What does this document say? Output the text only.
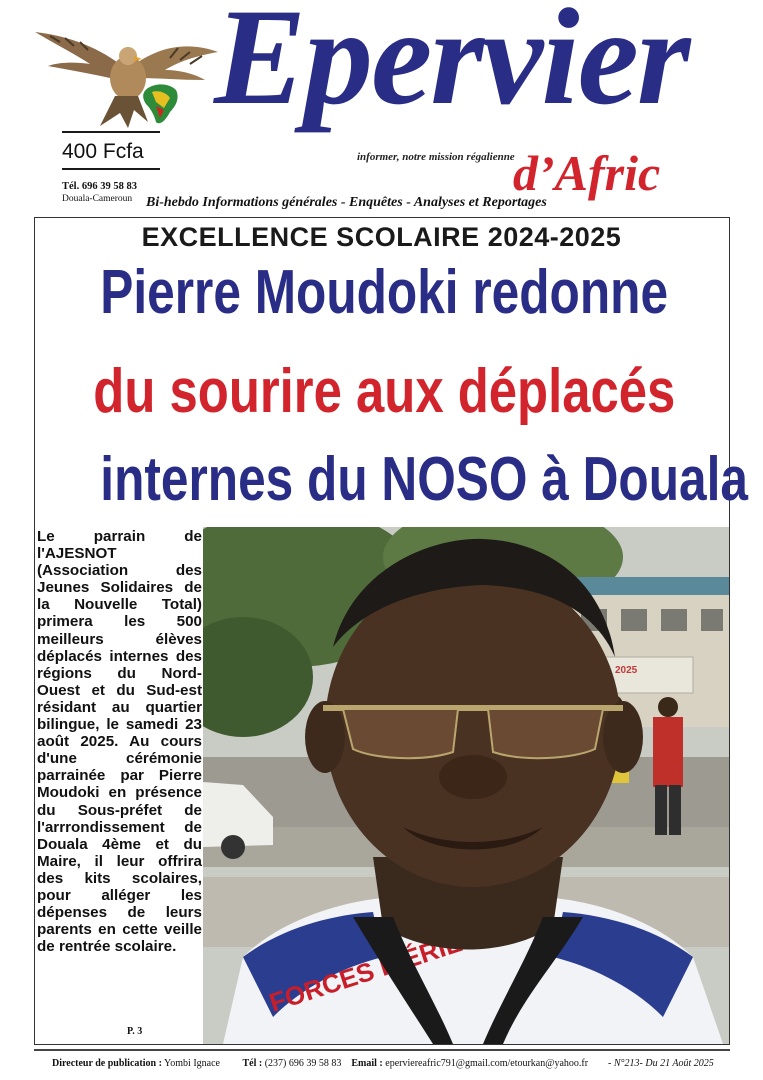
400 Fcfa
Tél. 696 39 58 83
Douala-Cameroun
Epervier
informer, notre mission régalienne
d’Afric
Bi-hebdo Informations générales - Enquêtes - Analyses et Reportages
EXCELLENCE SCOLAIRE 2024-2025
Pierre Moudoki redonne
du sourire aux déplacés
internes du NOSO à Douala
Le parrain de l'AJESNOT (Association des Jeunes Solidaires de la Nouvelle Total) primera les 500 meilleurs élèves déplacés internes des régions du Nord-Ouest et du Sud-est résidant au quartier bilingue, le samedi 23 août 2025. Au cours d'une cérémonie parrainée par Pierre Moudoki en présence du Sous-préfet de l'arrrondissement de Douala 4ème et du Maire, il leur offrira des kits scolaires, pour alléger les dépenses de leurs parents en cette veille de rentrée scolaire.
P. 3
2025
FORCES PIÉRIENC
Directeur de publication : Yombi Ignace Tél : (237) 696 39 58 83 Email : eperviereafric791@gmail.com/etourkan@yahoo.fr - N°213- Du 21 Août 2025
